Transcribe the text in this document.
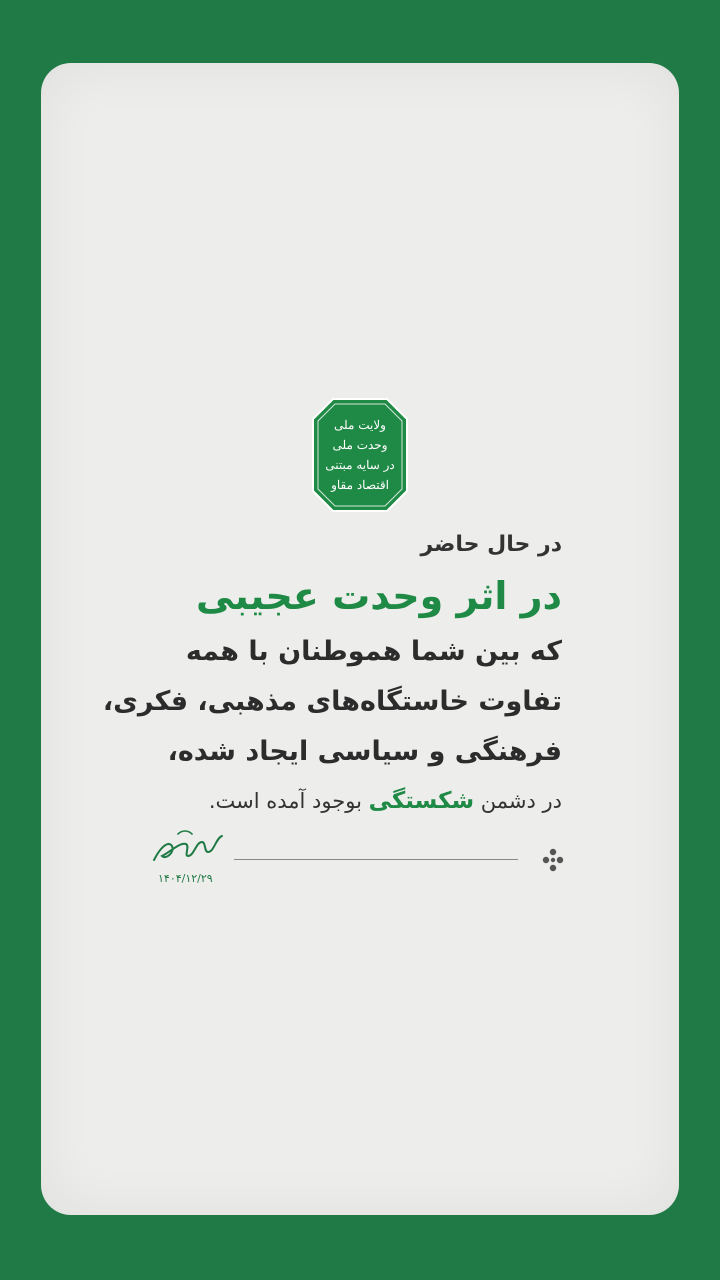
ولایت ملی
وحدت ملی
در سایه مبتنی
اقتصاد مقاو
در حال حاضر
در اثر وحدت عجیبی
که بین شما هموطنان با همه
تفاوت خاستگاه‌های مذهبی، فکری،
فرهنگی و سیاسی ایجاد شده،
در دشمن شکستگی بوجود آمده است.
۱۴۰۴/۱۲/۲۹
